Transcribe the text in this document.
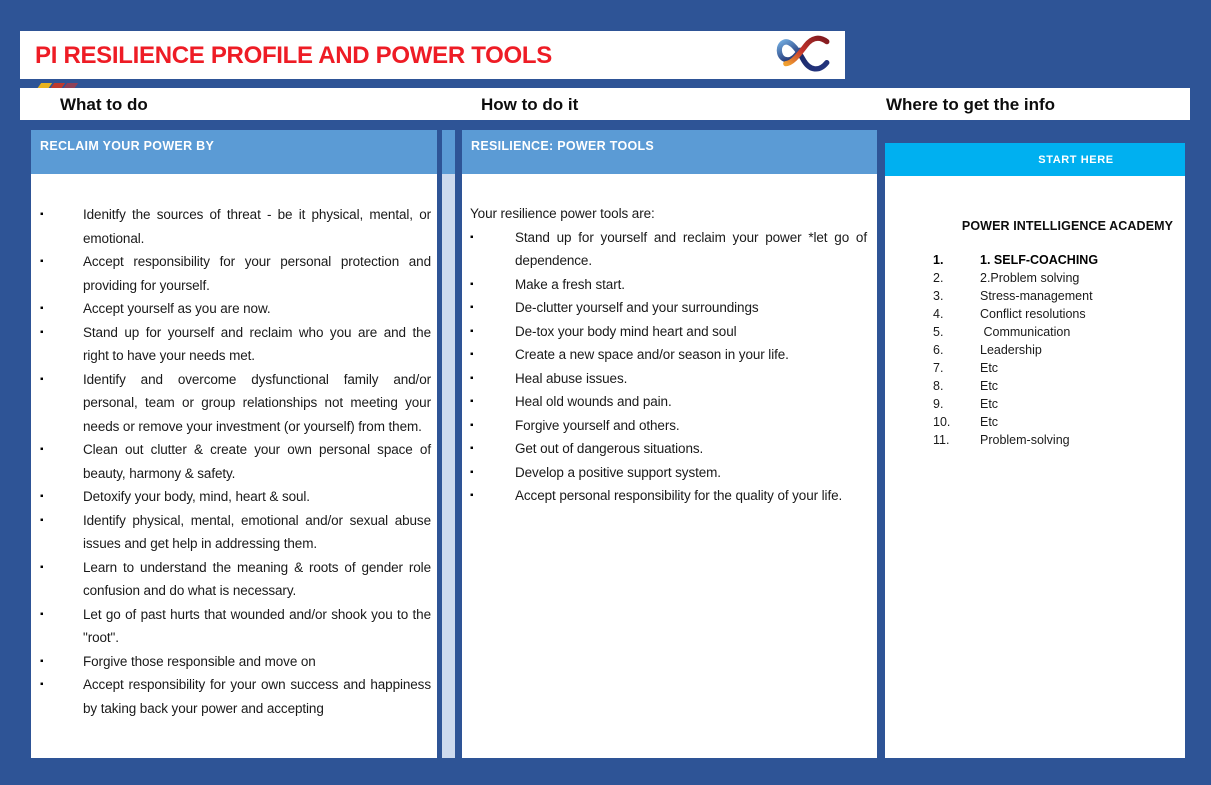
PI RESILIENCE PROFILE AND POWER TOOLS
What to do	How to do it	Where to get the info
RECLAIM YOUR POWER BY	RESILIENCE: POWER TOOLS
▪	Idenitfy the sources of threat - be it physical, mental, or emotional.
▪	Accept responsibility for your personal protection and providing for yourself.
▪	Accept yourself as you are now.
▪	Stand up for yourself and reclaim who you are and the right to have your needs met.
▪	Identify and overcome dysfunctional family and/or personal, team or group relationships not meeting your needs or remove your investment (or yourself) from them.
▪	Clean out clutter & create your own personal space of beauty, harmony & safety.
▪	Detoxify your body, mind, heart & soul.
▪	Identify physical, mental, emotional and/or sexual abuse issues and get help in addressing them.
▪	Learn to understand the meaning & roots of gender role confusion and do what is necessary.
▪	Let go of past hurts that wounded and/or shook you to the "root".
▪	Forgive those responsible and move on
▪	Accept responsibility for your own success and happiness by taking back your power and accepting
Your resilience power tools are:
▪	Stand up for yourself and reclaim your power *let go of dependence.
▪	Make a fresh start.
▪	De-clutter yourself and your surroundings
▪	De-tox your body mind heart and soul
▪	Create a new space and/or season in your life.
▪	Heal abuse issues.
▪	Heal old wounds and pain.
▪	Forgive yourself and others.
▪	Get out of dangerous situations.
▪	Develop a positive support system.
▪	Accept personal responsibility for the quality of your life.
START HERE
POWER INTELLIGENCE ACADEMY
1.	1. SELF-COACHING
2.	2.Problem solving
3.	Stress-management
4.	Conflict resolutions
5.	Communication
6.	Leadership
7.	Etc
8.	Etc
9.	Etc
10.	Etc
11.	Problem-solving
